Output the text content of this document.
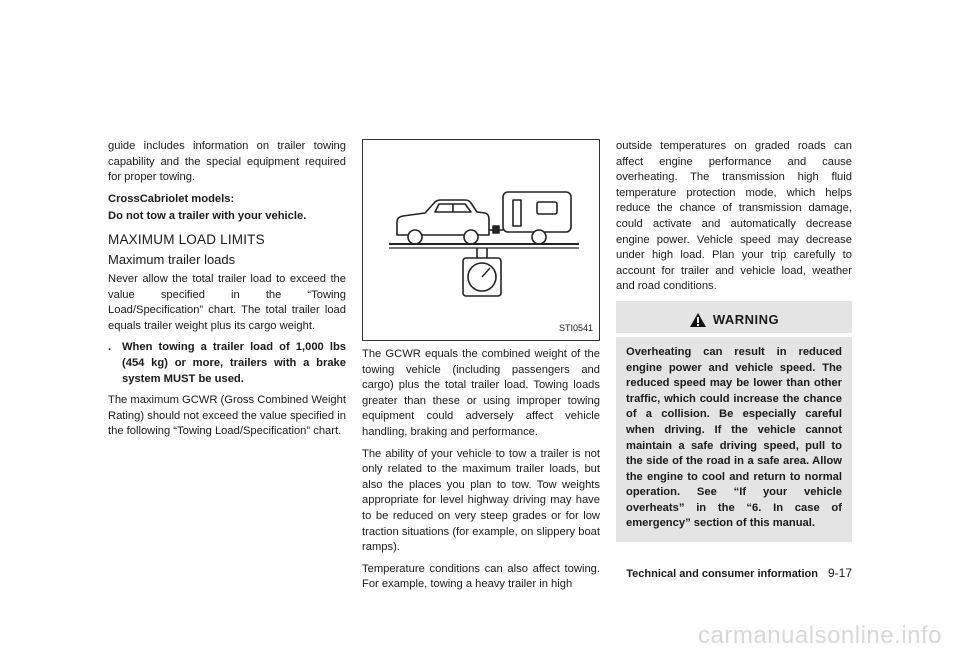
guide includes information on trailer towing capability and the special equipment required for proper towing.

CrossCabriolet models:

Do not tow a trailer with your vehicle.

MAXIMUM LOAD LIMITS
Maximum trailer loads

Never allow the total trailer load to exceed the value specified in the “Towing Load/Specification” chart. The total trailer load equals trailer weight plus its cargo weight.

. When towing a trailer load of 1,000 lbs (454 kg) or more, trailers with a brake system MUST be used.

The maximum GCWR (Gross Combined Weight Rating) should not exceed the value specified in the following “Towing Load/Specification” chart.

STI0541

The GCWR equals the combined weight of the towing vehicle (including passengers and cargo) plus the total trailer load. Towing loads greater than these or using improper towing equipment could adversely affect vehicle handling, braking and performance.

The ability of your vehicle to tow a trailer is not only related to the maximum trailer loads, but also the places you plan to tow. Tow weights appropriate for level highway driving may have to be reduced on very steep grades or for low traction situations (for example, on slippery boat ramps).

Temperature conditions can also affect towing. For example, towing a heavy trailer in high

outside temperatures on graded roads can affect engine performance and cause overheating. The transmission high fluid temperature protection mode, which helps reduce the chance of transmission damage, could activate and automatically decrease engine power. Vehicle speed may decrease under high load. Plan your trip carefully to account for trailer and vehicle load, weather and road conditions.

WARNING
Overheating can result in reduced engine power and vehicle speed. The reduced speed may be lower than other traffic, which could increase the chance of a collision. Be especially careful when driving. If the vehicle cannot maintain a safe driving speed, pull to the side of the road in a safe area. Allow the engine to cool and return to normal operation. See “If your vehicle overheats” in the “6. In case of emergency” section of this manual.
Technical and consumer information 9-17
carmanualsonline.info
